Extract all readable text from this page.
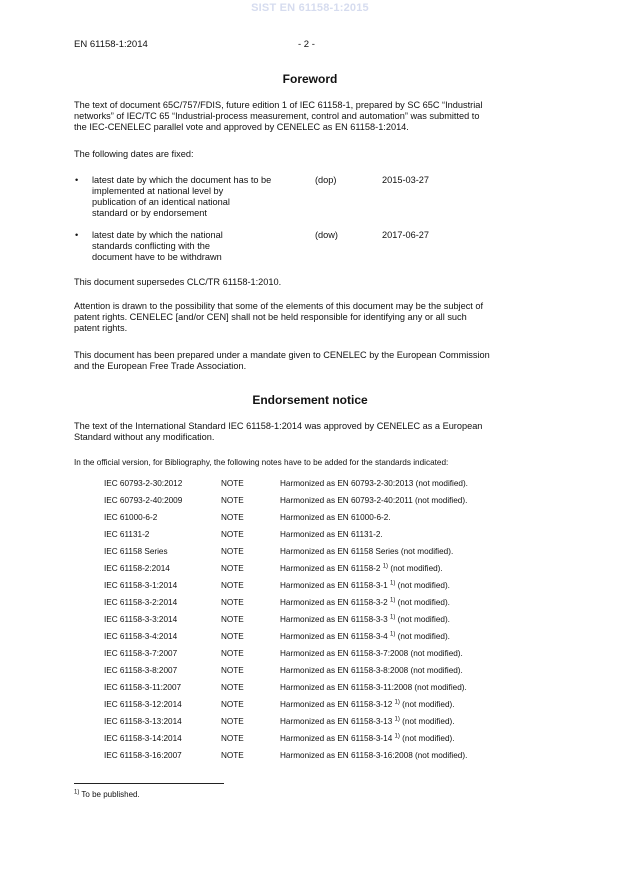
SIST EN 61158-1:2015
EN 61158-1:2014	- 2 -
Foreword
The text of document 65C/757/FDIS, future edition 1 of IEC 61158-1, prepared by SC 65C “Industrial
networks” of IEC/TC 65 “Industrial-process measurement, control and automation” was submitted to
the IEC-CENELEC parallel vote and approved by CENELEC as EN 61158-1:2014.
The following dates are fixed:
• latest date by which the document has to be
implemented at national level by
publication of an identical national
standard or by endorsement
(dop)	2015-03-27
• latest date by which the national
standards conflicting with the
document have to be withdrawn
(dow)	2017-06-27
This document supersedes CLC/TR 61158-1:2010.
Attention is drawn to the possibility that some of the elements of this document may be the subject of
patent rights. CENELEC [and/or CEN] shall not be held responsible for identifying any or all such
patent rights.
This document has been prepared under a mandate given to CENELEC by the European Commission
and the European Free Trade Association.
Endorsement notice
The text of the International Standard IEC 61158-1:2014 was approved by CENELEC as a European
Standard without any modification.
In the official version, for Bibliography, the following notes have to be added for the standards indicated:
IEC 60793-2-30:2012	NOTE	Harmonized as EN 60793-2-30:2013 (not modified).
IEC 60793-2-40:2009	NOTE	Harmonized as EN 60793-2-40:2011 (not modified).
IEC 61000-6-2	NOTE	Harmonized as EN 61000-6-2.
IEC 61131-2	NOTE	Harmonized as EN 61131-2.
IEC 61158 Series	NOTE	Harmonized as EN 61158 Series (not modified).
IEC 61158-2:2014	NOTE	Harmonized as EN 61158-2 $^{1)}$ (not modified).
IEC 61158-3-1:2014	NOTE	Harmonized as EN 61158-3-1 $^{1)}$ (not modified).
IEC 61158-3-2:2014	NOTE	Harmonized as EN 61158-3-2 $^{1)}$ (not modified).
IEC 61158-3-3:2014	NOTE	Harmonized as EN 61158-3-3 $^{1)}$ (not modified).
IEC 61158-3-4:2014	NOTE	Harmonized as EN 61158-3-4 $^{1)}$ (not modified).
IEC 61158-3-7:2007	NOTE	Harmonized as EN 61158-3-7:2008 (not modified).
IEC 61158-3-8:2007	NOTE	Harmonized as EN 61158-3-8:2008 (not modified).
IEC 61158-3-11:2007	NOTE	Harmonized as EN 61158-3-11:2008 (not modified).
IEC 61158-3-12:2014	NOTE	Harmonized as EN 61158-3-12 $^{1)}$ (not modified).
IEC 61158-3-13:2014	NOTE	Harmonized as EN 61158-3-13 $^{1)}$ (not modified).
IEC 61158-3-14:2014	NOTE	Harmonized as EN 61158-3-14 $^{1)}$ (not modified).
IEC 61158-3-16:2007	NOTE	Harmonized as EN 61158-3-16:2008 (not modified).
$^{1)}$ To be published.
